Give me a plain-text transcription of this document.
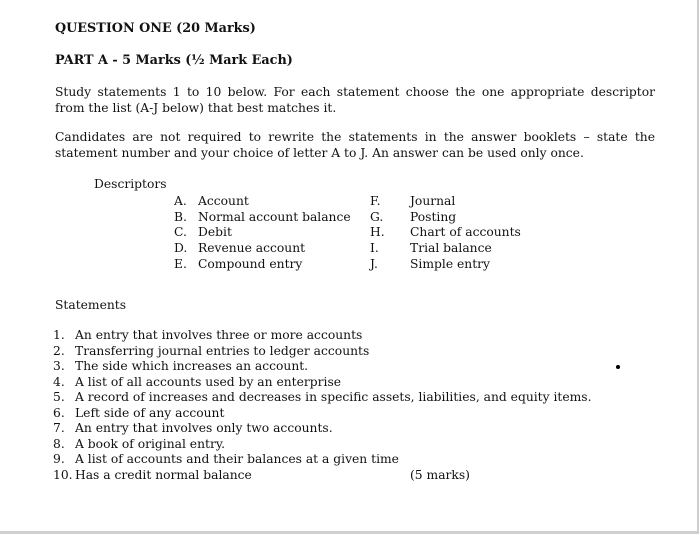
QUESTION ONE (20 Marks)
PART A - 5 Marks (½ Mark Each)
Study statements 1 to 10 below. For each statement choose the one appropriate descriptor from the list (A-J below) that best matches it.
Candidates are not required to rewrite the statements in the answer booklets – state the statement number and your choice of letter A to J. An answer can be used only once.
Descriptors
A. Account	F. Journal
B. Normal account balance G. Posting
C. Debit	H. Chart of accounts
D. Revenue account	I.	Trial balance
E. Compound entry	J.	Simple entry
Statements
1. An entry that involves three or more accounts
2. Transferring journal entries to ledger accounts
3. The side which increases an account.
4. A list of all accounts used by an enterprise
5. A record of increases and decreases in specific assets, liabilities, and equity items.
6. Left side of any account
7. An entry that involves only two accounts.
8. A book of original entry.
9. A list of accounts and their balances at a given time
10. Has a credit normal balance	(5 marks)
